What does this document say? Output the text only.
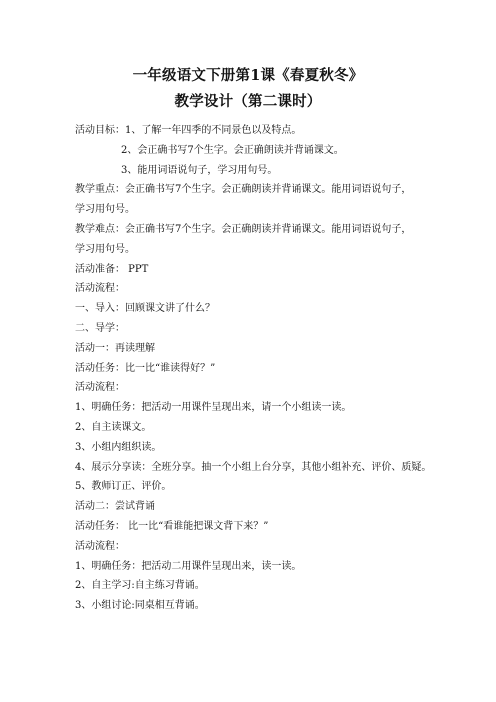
一年级语文下册第1课《春夏秋冬》
教学设计（第二课时）

活动目标：1、了解一年四季的不同景色以及特点。

2、会正确书写7个生字。会正确朗读并背诵课文。

3、能用词语说句子，学习用句号。

教学重点：会正确书写7个生字。会正确朗读并背诵课文。能用词语说句子，学习用句号。

教学难点：会正确书写7个生字。会正确朗读并背诵课文。能用词语说句子，学习用句号。

活动准备： PPT

活动流程：

一、导入：回顾课文讲了什么？

二、导学：

活动一：再读理解

活动任务：比一比“谁读得好？”

活动流程：

1、明确任务：把活动一用课件呈现出来，请一个小组读一读。

2、自主读课文。

3、小组内组织读。

4、展示分享读：全班分享。抽一个小组上台分享，其他小组补充、评价、质疑。

5、教师订正、评价。

活动二：尝试背诵

活动任务： 比一比“看谁能把课文背下来？”

活动流程：

1、明确任务：把活动二用课件呈现出来，读一读。

2、自主学习:自主练习背诵。

3、小组讨论:同桌相互背诵。
